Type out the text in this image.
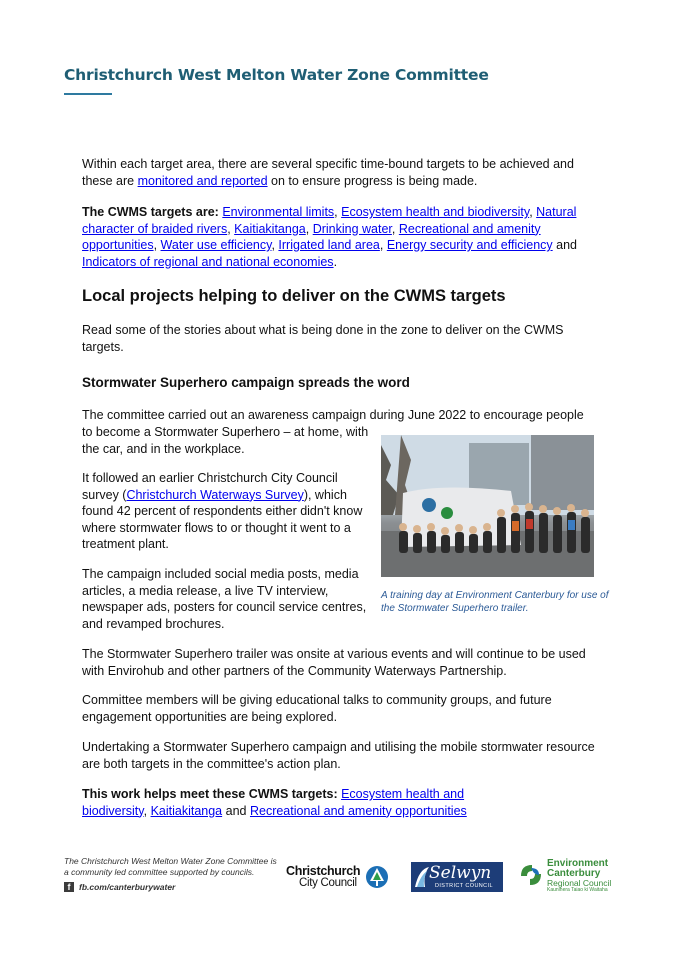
Christchurch West Melton Water Zone Committee

Within each target area, there are several specific time-bound targets to be achieved and these are monitored and reported on to ensure progress is being made.

The CWMS targets are: Environmental limits, Ecosystem health and biodiversity, Natural character of braided rivers, Kaitiakitanga, Drinking water, Recreational and amenity opportunities, Water use efficiency, Irrigated land area, Energy security and efficiency and Indicators of regional and national economies.

Local projects helping to deliver on the CWMS targets

Read some of the stories about what is being done in the zone to deliver on the CWMS targets.

Stormwater Superhero campaign spreads the word

The committee carried out an awareness campaign during June 2022 to encourage people

to become a Stormwater Superhero – at home, with the car, and in the workplace.

It followed an earlier Christchurch City Council survey (Christchurch Waterways Survey), which found 42 percent of respondents either didn't know where stormwater flows to or thought it went to a treatment plant.

The campaign included social media posts, media articles, a media release, a live TV interview, newspaper ads, posters for council service centres, and revamped brochures.

A training day at Environment Canterbury for use of the Stormwater Superhero trailer.

The Stormwater Superhero trailer was onsite at various events and will continue to be used with Envirohub and other partners of the Community Waterways Partnership.

Committee members will be giving educational talks to community groups, and future engagement opportunities are being explored.

Undertaking a Stormwater Superhero campaign and utilising the mobile stormwater resource are both targets in the committee's action plan.

This work helps meet these CWMS targets: Ecosystem health and biodiversity, Kaitiakitanga and Recreational and amenity opportunities

The Christchurch West Melton Water Zone Committee is a community led committee supported by councils.
f	fb.com/canterburywater
Christchurch
City Council	Selwyn
DISTRICT COUNCIL
Environment
Canterbury
Regional Council
Kaunihera Taiao ki Waitaha
